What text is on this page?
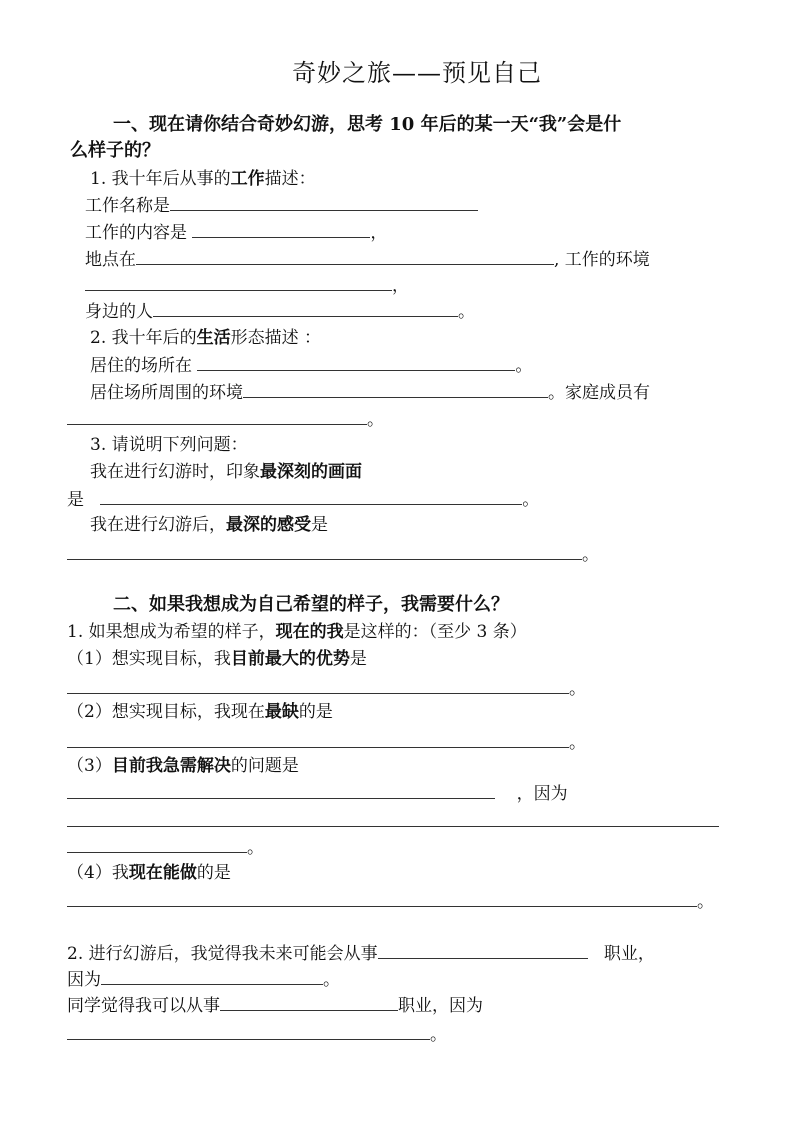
奇妙之旅——预见自己
一、现在请你结合奇妙幻游，思考 10 年后的某一天“我”会是什
么样子的？
1. 我十年后从事的工作描述：
工作名称是
工作的内容是	，
地点在	, 工作的环境
，
身边的人	。
2. 我十年后的生活形态描述 ：
居住的场所在	。
居住场所周围的环境	。家庭成员有
。
3. 请说明下列问题：
我在进行幻游时，印象最深刻的画面
是	。
我在进行幻游后，最深的感受是
。
二、如果我想成为自己希望的样子，我需要什么？
1. 如果想成为希望的样子，现在的我是这样的：（至少 3 条）
（1）想实现目标，我目前最大的优势是
。
（2）想实现目标，我现在最缺的是
。
（3）目前我急需解决的问题是
，因为
。
（4）我现在能做的是
。
2. 进行幻游后，我觉得我未来可能会从事	职业，
因为	。
同学觉得我可以从事	职业，因为
。
